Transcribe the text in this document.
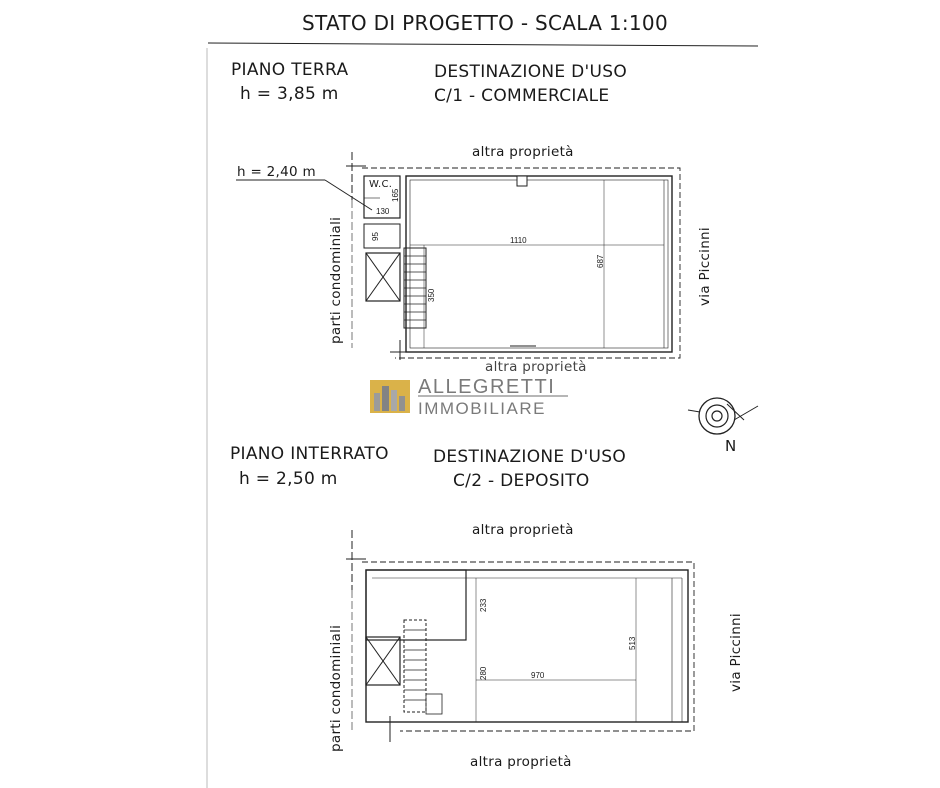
STATO DI PROGETTO - SCALA 1:100
PIANO TERRA
h = 3,85 m
DESTINAZIONE D'USO
C/1 - COMMERCIALE
PIANO INTERRATO
h = 2,50 m
DESTINAZIONE D'USO
C/2 - DEPOSITO
ALLEGRETTI
IMMOBILIARE
altra proprietà
altra proprietà
via Piccinni
parti condominiali
h = 2,40 m
W.C.
1110
687
350
130
165
95
altra proprietà
altra proprietà
via Piccinni
parti condominiali	970
513
233
280
N
